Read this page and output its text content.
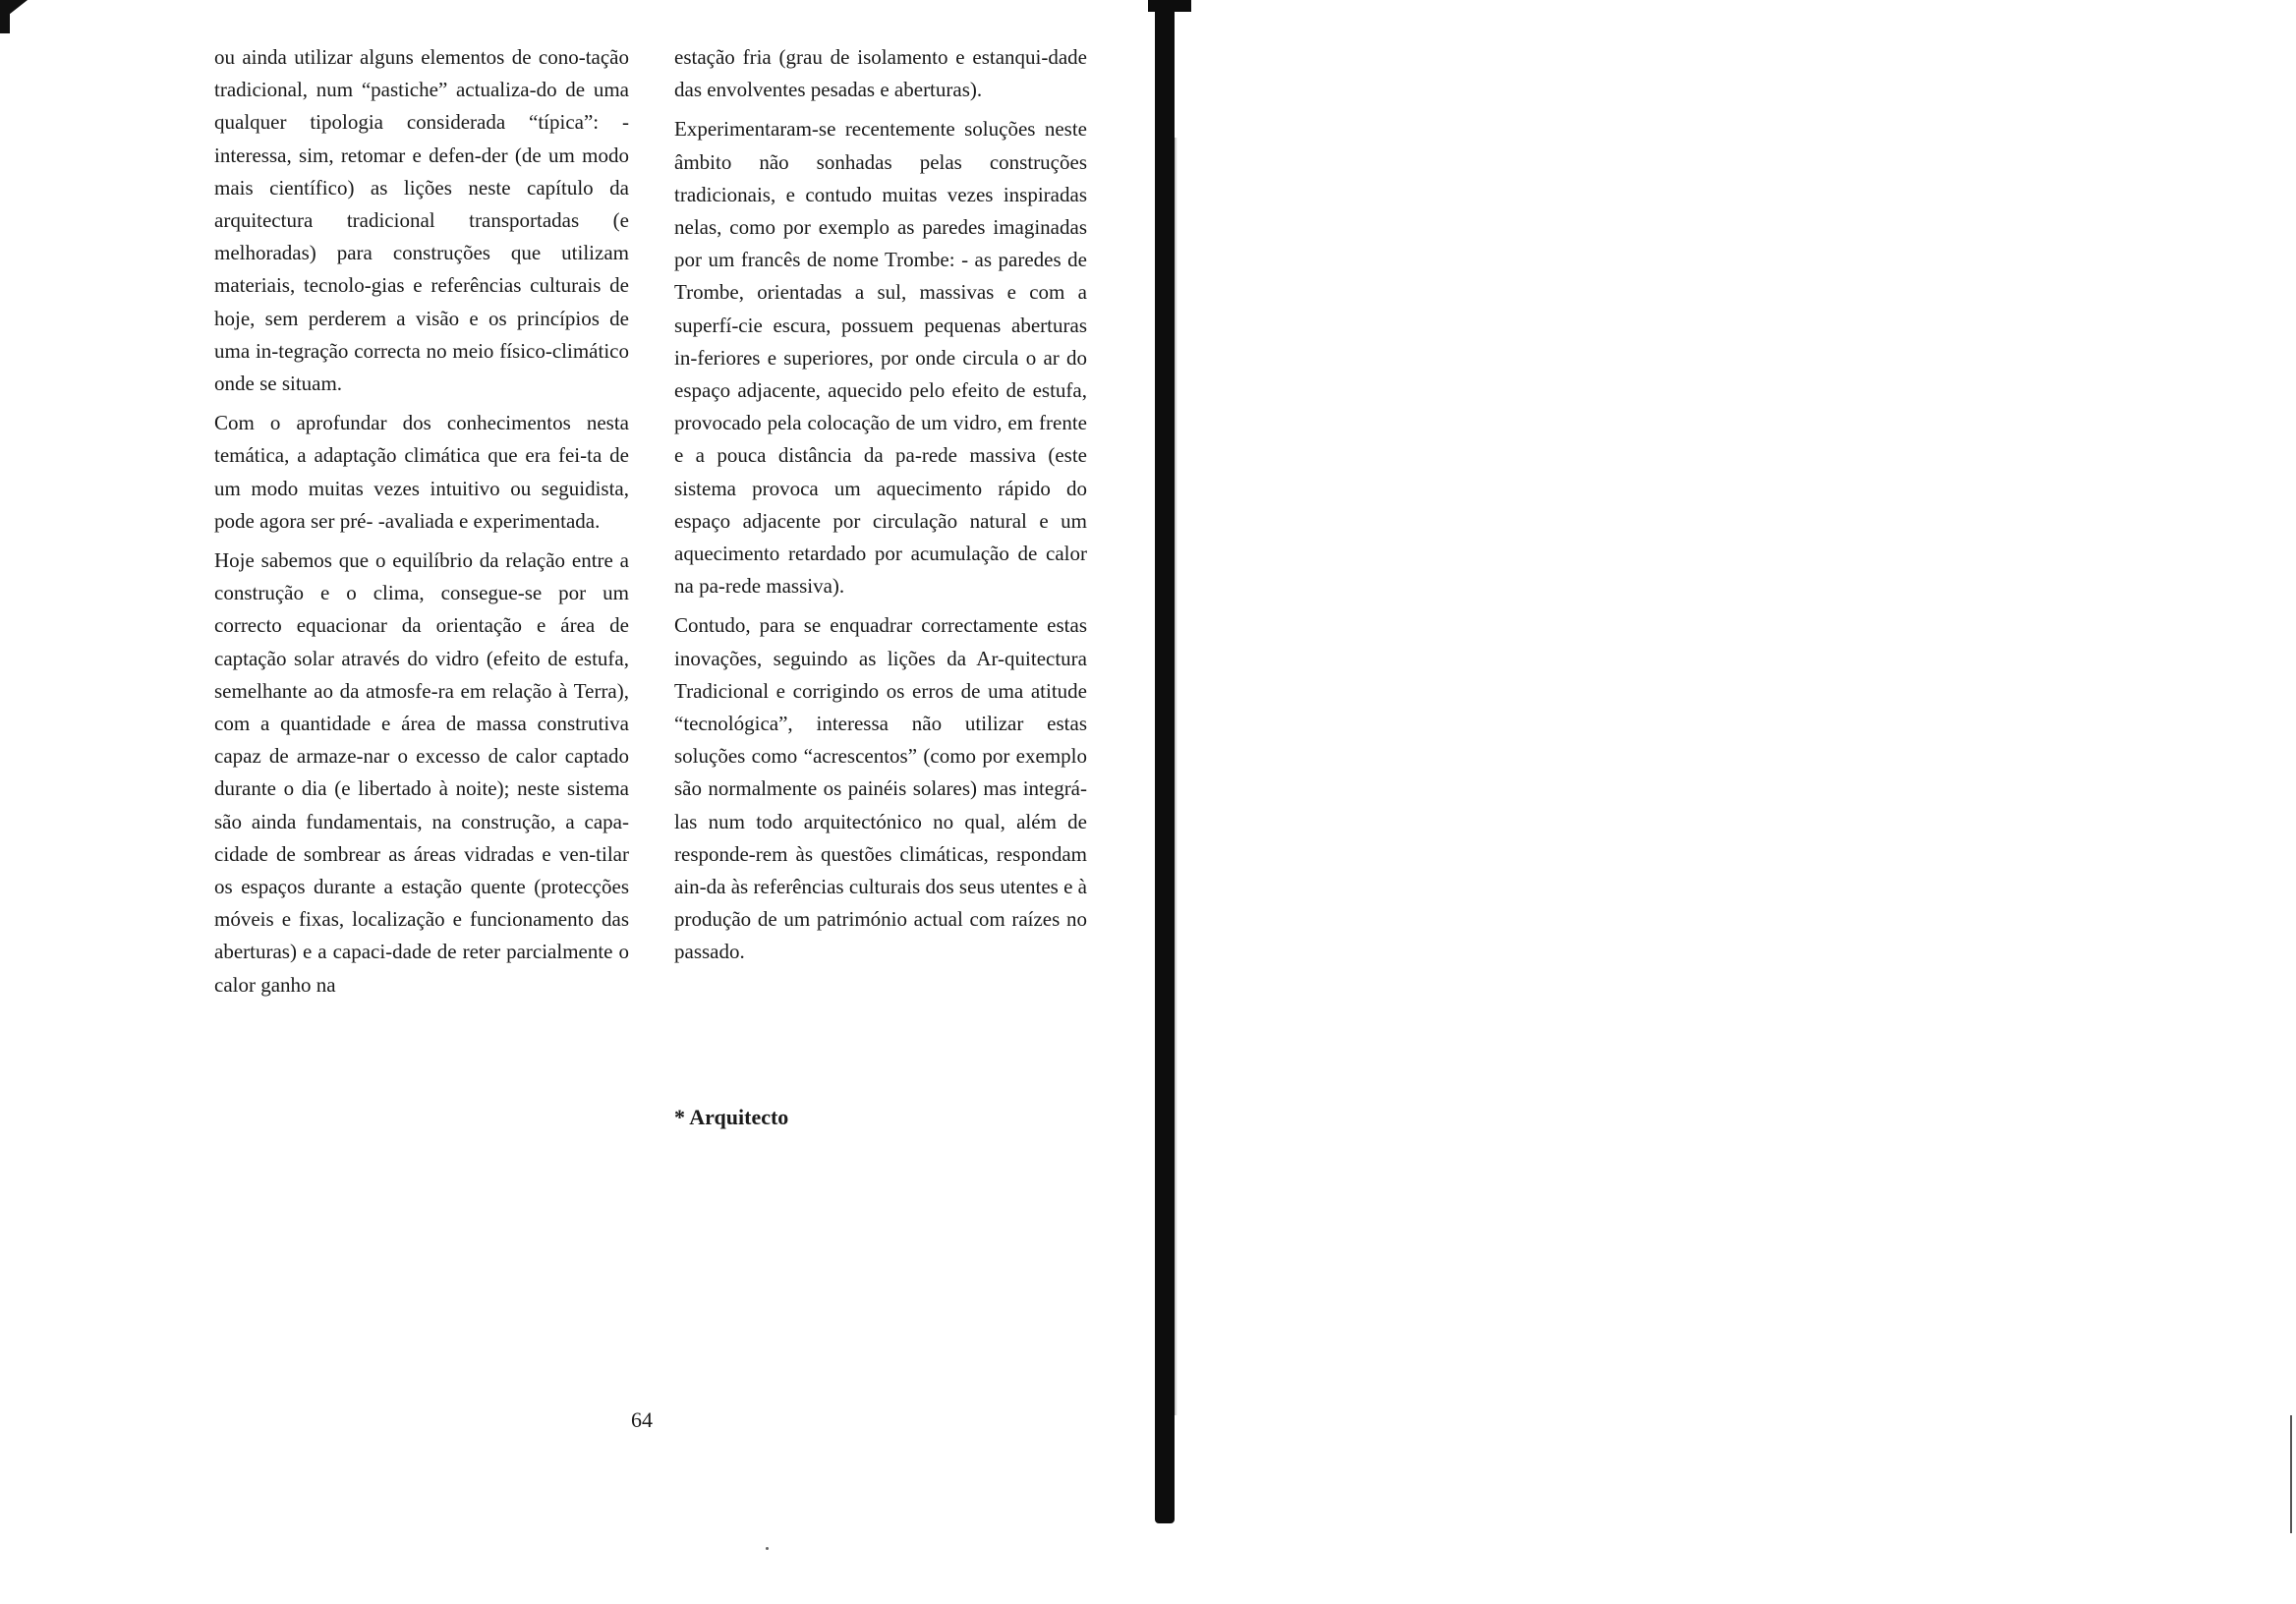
ou ainda utilizar alguns elementos de cono-tação tradicional, num “pastiche” actualiza-do de uma qualquer tipologia considerada “típica”: - interessa, sim, retomar e defen-der (de um modo mais científico) as lições neste capítulo da arquitectura tradicional transportadas (e melhoradas) para construções que utilizam materiais, tecnolo-gias e referências culturais de hoje, sem perderem a visão e os princípios de uma in-tegração correcta no meio físico-climático onde se situam.

Com o aprofundar dos conhecimentos nesta temática, a adaptação climática que era fei-ta de um modo muitas vezes intuitivo ou seguidista, pode agora ser pré- -avaliada e experimentada.

Hoje sabemos que o equilíbrio da relação entre a construção e o clima, consegue-se por um correcto equacionar da orientação e área de captação solar através do vidro (efeito de estufa, semelhante ao da atmosfe-ra em relação à Terra), com a quantidade e área de massa construtiva capaz de armaze-nar o excesso de calor captado durante o dia (e libertado à noite); neste sistema são ainda fundamentais, na construção, a capa-cidade de sombrear as áreas vidradas e ven-tilar os espaços durante a estação quente (protecções móveis e fixas, localização e funcionamento das aberturas) e a capaci-dade de reter parcialmente o calor ganho na

estação fria (grau de isolamento e estanqui-dade das envolventes pesadas e aberturas).

Experimentaram-se recentemente soluções neste âmbito não sonhadas pelas construções tradicionais, e contudo muitas vezes inspiradas nelas, como por exemplo as paredes imaginadas por um francês de nome Trombe: - as paredes de Trombe, orientadas a sul, massivas e com a superfí-cie escura, possuem pequenas aberturas in-feriores e superiores, por onde circula o ar do espaço adjacente, aquecido pelo efeito de estufa, provocado pela colocação de um vidro, em frente e a pouca distância da pa-rede massiva (este sistema provoca um aquecimento rápido do espaço adjacente por circulação natural e um aquecimento retardado por acumulação de calor na pa-rede massiva).

Contudo, para se enquadrar correctamente estas inovações, seguindo as lições da Ar-quitectura Tradicional e corrigindo os erros de uma atitude “tecnológica”, interessa não utilizar estas soluções como “acrescentos” (como por exemplo são normalmente os painéis solares) mas integrá-las num todo arquitectónico no qual, além de responde-rem às questões climáticas, respondam ain-da às referências culturais dos seus utentes e à produção de um património actual com raízes no passado.

* Arquitecto
64
